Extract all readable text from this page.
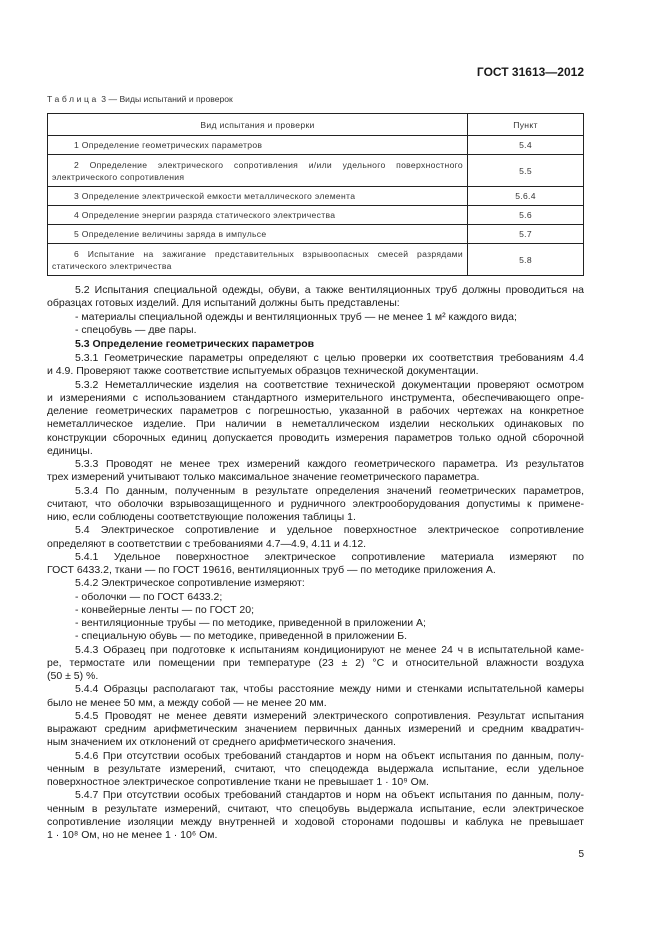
ГОСТ 31613—2012
Таблица 3 — Виды испытаний и проверок
Вид испытания и проверки	Пункт
1 Определение геометрических параметров	5.4
2 Определение электрического сопротивления и/или удельного поверхностного электрического сопротивления	5.5
3 Определение электрической емкости металлического элемента	5.6.4
4 Определение энергии разряда статического электричества	5.6
5 Определение величины заряда в импульсе	5.7
6 Испытание на зажигание представительных взрывоопасных смесей разрядами статического электричества	5.8
5.2 Испытания специальной одежды, обуви, а также вентиляционных труб должны проводиться на
образцах готовых изделий. Для испытаний должны быть представлены:
- материалы специальной одежды и вентиляционных труб — не менее 1 м² каждого вида;
- спецобувь — две пары.
5.3 Определение геометрических параметров
5.3.1 Геометрические параметры определяют с целью проверки их соответствия требованиям 4.4
и 4.9. Проверяют также соответствие испытуемых образцов технической документации.
5.3.2 Неметаллические изделия на соответствие технической документации проверяют осмотром
и измерениями с использованием стандартного измерительного инструмента, обеспечивающего опре-
деление геометрических параметров с погрешностью, указанной в рабочих чертежах на конкретное
неметаллическое изделие. При наличии в неметаллическом изделии нескольких одинаковых по
конструкции сборочных единиц допускается проводить измерения параметров только одной сборочной
единицы.
5.3.3 Проводят не менее трех измерений каждого геометрического параметра. Из результатов
трех измерений учитывают только максимальное значение геометрического параметра.
5.3.4 По данным, полученным в результате определения значений геометрических параметров,
считают, что оболочки взрывозащищенного и рудничного электрооборудования допустимы к примене-
нию, если соблюдены соответствующие положения таблицы 1.
5.4 Электрическое сопротивление и удельное поверхностное электрическое сопротивление
определяют в соответствии с требованиями 4.7—4.9, 4.11 и 4.12.
5.4.1 Удельное поверхностное электрическое сопротивление материала измеряют по
ГОСТ 6433.2, ткани — по ГОСТ 19616, вентиляционных труб — по методике приложения А.
5.4.2 Электрическое сопротивление измеряют:
- оболочки — по ГОСТ 6433.2;
- конвейерные ленты — по ГОСТ 20;
- вентиляционные трубы — по методике, приведенной в приложении А;
- специальную обувь — по методике, приведенной в приложении Б.
5.4.3 Образец при подготовке к испытаниям кондиционируют не менее 24 ч в испытательной каме-
ре, термостате или помещении при температуре (23 ± 2) °С и относительной влажности воздуха
(50 ± 5) %.
5.4.4 Образцы располагают так, чтобы расстояние между ними и стенками испытательной камеры
было не менее 50 мм, а между собой — не менее 20 мм.
5.4.5 Проводят не менее девяти измерений электрического сопротивления. Результат испытания
выражают средним арифметическим значением первичных данных измерений и средним квадратич-
ным значением их отклонений от среднего арифметического значения.
5.4.6 При отсутствии особых требований стандартов и норм на объект испытания по данным, полу-
ченным в результате измерений, считают, что спецодежда выдержала испытание, если удельное
поверхностное электрическое сопротивление ткани не превышает 1 · 10⁹ Ом.
5.4.7 При отсутствии особых требований стандартов и норм на объект испытания по данным, полу-
ченным в результате измерений, считают, что спецобувь выдержала испытание, если электрическое
сопротивление изоляции между внутренней и ходовой сторонами подошвы и каблука не превышает
1 · 10⁸ Ом, но не менее 1 · 10⁶ Ом.
5
